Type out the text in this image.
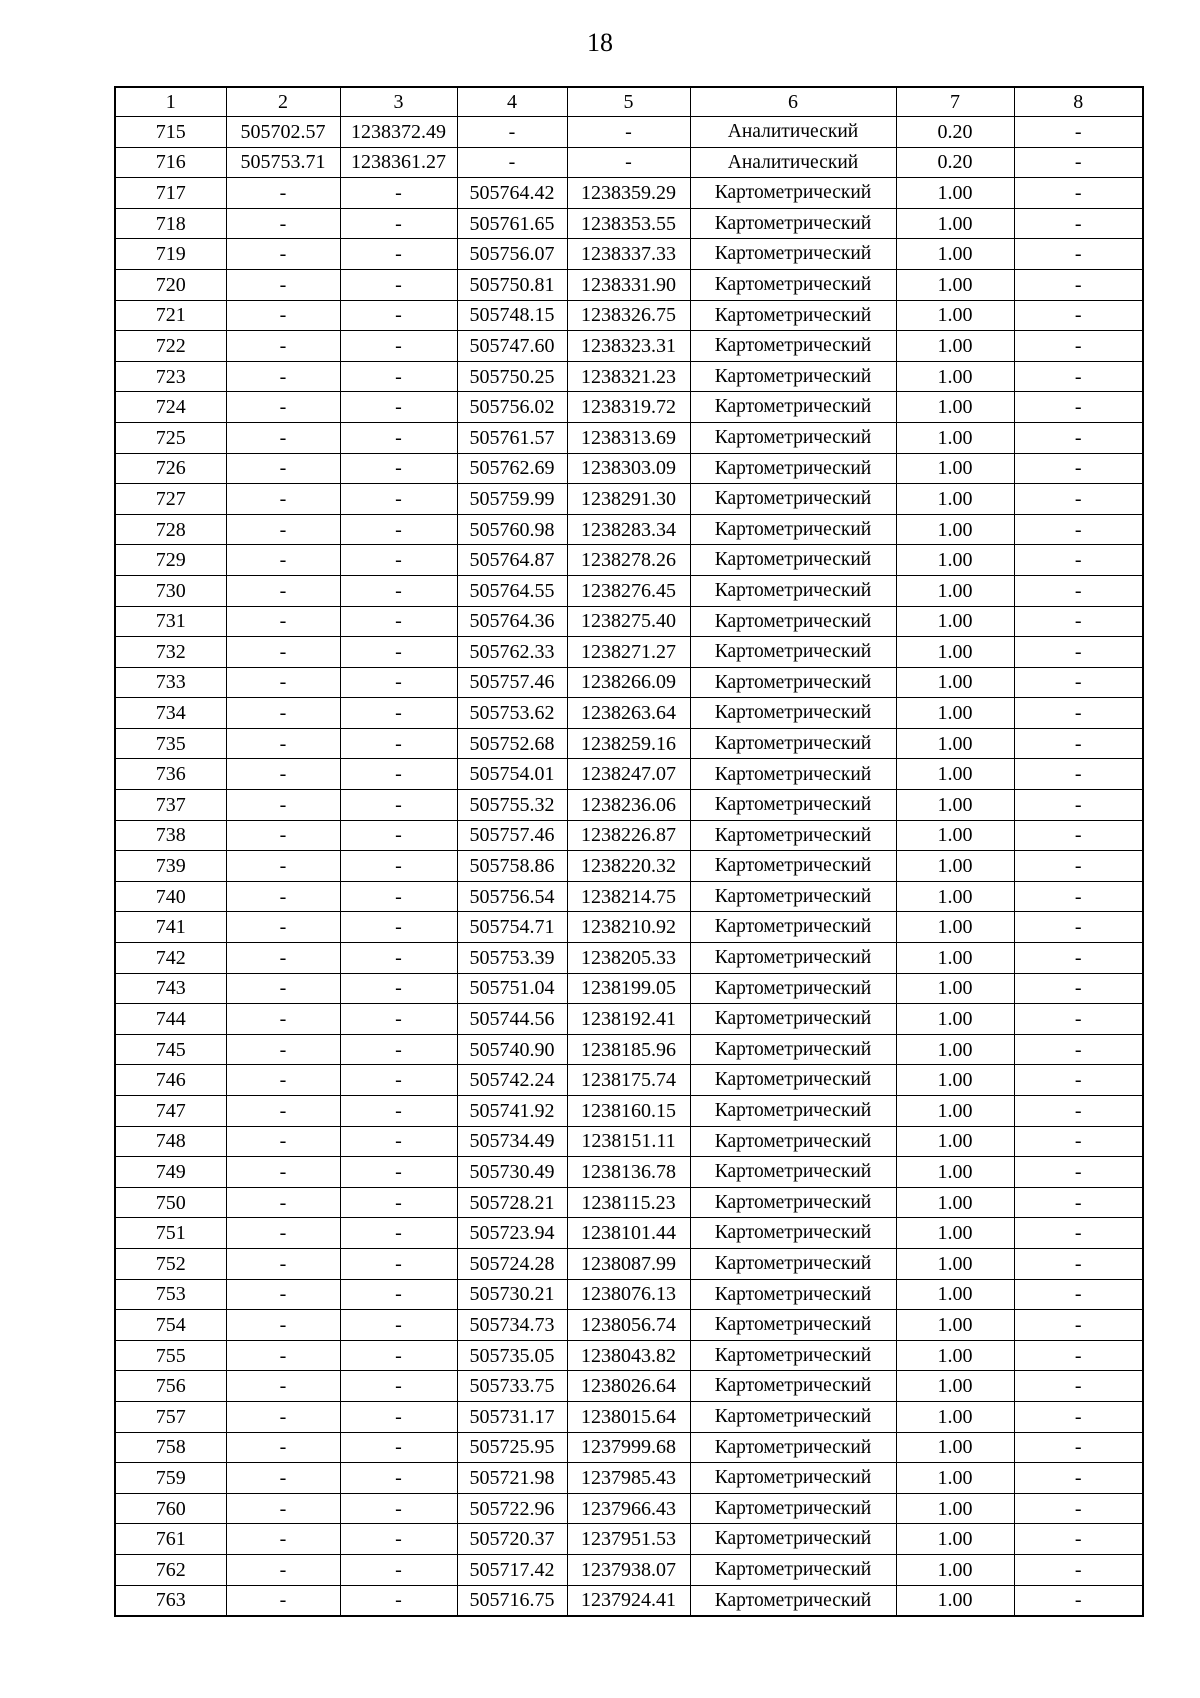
18
1	2	3	4	5	6	7	8
715	505702.57	1238372.49	-	-	Аналитический	0.20	-
716	505753.71	1238361.27	-	-	Аналитический	0.20	-
717	-	-	505764.42	1238359.29	Картометрический	1.00	-
718	-	-	505761.65	1238353.55	Картометрический	1.00	-
719	-	-	505756.07	1238337.33	Картометрический	1.00	-
720	-	-	505750.81	1238331.90	Картометрический	1.00	-
721	-	-	505748.15	1238326.75	Картометрический	1.00	-
722	-	-	505747.60	1238323.31	Картометрический	1.00	-
723	-	-	505750.25	1238321.23	Картометрический	1.00	-
724	-	-	505756.02	1238319.72	Картометрический	1.00	-
725	-	-	505761.57	1238313.69	Картометрический	1.00	-
726	-	-	505762.69	1238303.09	Картометрический	1.00	-
727	-	-	505759.99	1238291.30	Картометрический	1.00	-
728	-	-	505760.98	1238283.34	Картометрический	1.00	-
729	-	-	505764.87	1238278.26	Картометрический	1.00	-
730	-	-	505764.55	1238276.45	Картометрический	1.00	-
731	-	-	505764.36	1238275.40	Картометрический	1.00	-
732	-	-	505762.33	1238271.27	Картометрический	1.00	-
733	-	-	505757.46	1238266.09	Картометрический	1.00	-
734	-	-	505753.62	1238263.64	Картометрический	1.00	-
735	-	-	505752.68	1238259.16	Картометрический	1.00	-
736	-	-	505754.01	1238247.07	Картометрический	1.00	-
737	-	-	505755.32	1238236.06	Картометрический	1.00	-
738	-	-	505757.46	1238226.87	Картометрический	1.00	-
739	-	-	505758.86	1238220.32	Картометрический	1.00	-
740	-	-	505756.54	1238214.75	Картометрический	1.00	-
741	-	-	505754.71	1238210.92	Картометрический	1.00	-
742	-	-	505753.39	1238205.33	Картометрический	1.00	-
743	-	-	505751.04	1238199.05	Картометрический	1.00	-
744	-	-	505744.56	1238192.41	Картометрический	1.00	-
745	-	-	505740.90	1238185.96	Картометрический	1.00	-
746	-	-	505742.24	1238175.74	Картометрический	1.00	-
747	-	-	505741.92	1238160.15	Картометрический	1.00	-
748	-	-	505734.49	1238151.11	Картометрический	1.00	-
749	-	-	505730.49	1238136.78	Картометрический	1.00	-
750	-	-	505728.21	1238115.23	Картометрический	1.00	-
751	-	-	505723.94	1238101.44	Картометрический	1.00	-
752	-	-	505724.28	1238087.99	Картометрический	1.00	-
753	-	-	505730.21	1238076.13	Картометрический	1.00	-
754	-	-	505734.73	1238056.74	Картометрический	1.00	-
755	-	-	505735.05	1238043.82	Картометрический	1.00	-
756	-	-	505733.75	1238026.64	Картометрический	1.00	-
757	-	-	505731.17	1238015.64	Картометрический	1.00	-
758	-	-	505725.95	1237999.68	Картометрический	1.00	-
759	-	-	505721.98	1237985.43	Картометрический	1.00	-
760	-	-	505722.96	1237966.43	Картометрический	1.00	-
761	-	-	505720.37	1237951.53	Картометрический	1.00	-
762	-	-	505717.42	1237938.07	Картометрический	1.00	-
763	-	-	505716.75	1237924.41	Картометрический	1.00	-
